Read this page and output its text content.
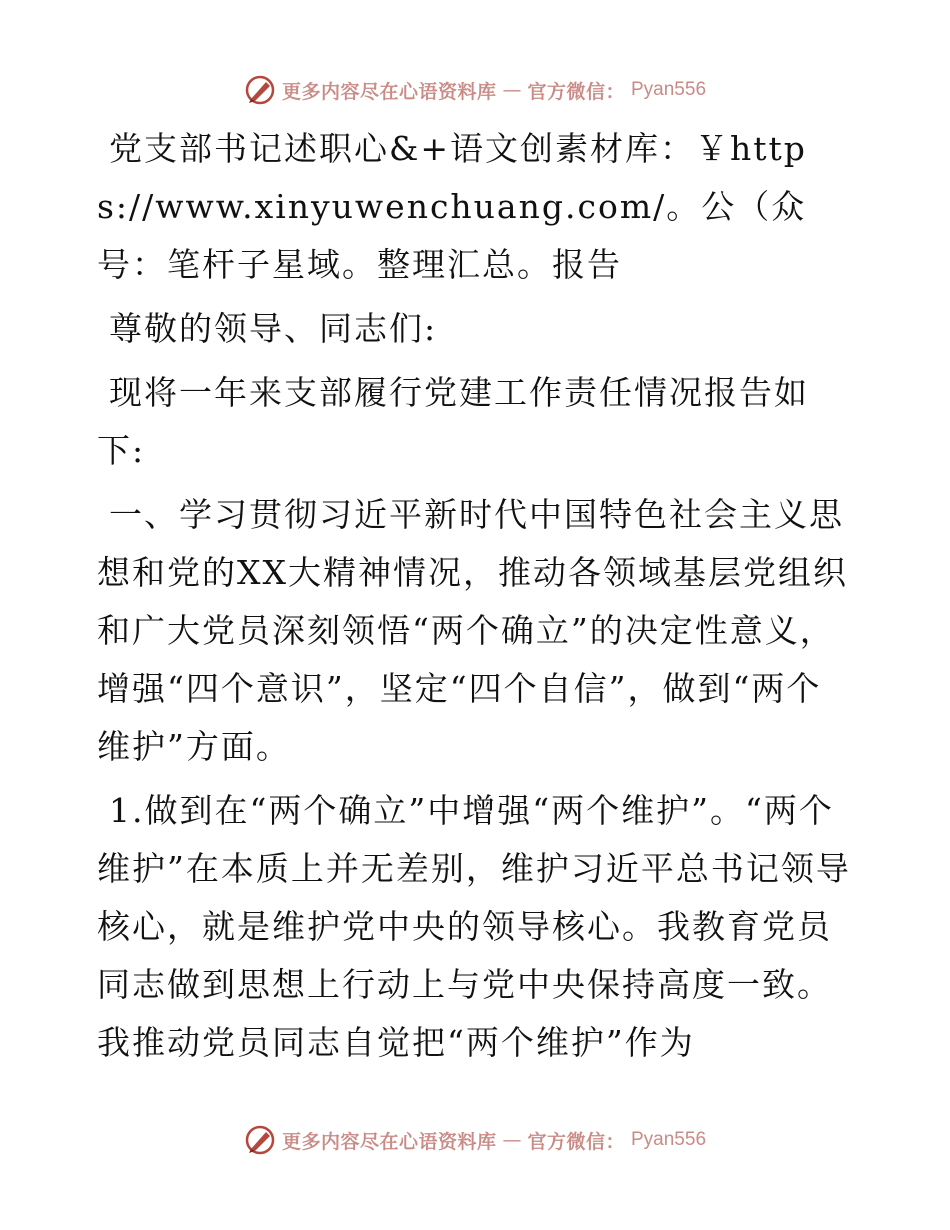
更多内容尽在心语资料库 — 官方微信： Pyan556

党支部书记述职心&+语文创素材库：￥https://www.xinyuwenchuang.com/。公（众号：笔杆子星域。整理汇总。报告

尊敬的领导、同志们:

现将一年来支部履行党建工作责任情况报告如下:

一、学习贯彻习近平新时代中国特色社会主义思想和党的XX大精神情况，推动各领域基层党组织和广大党员深刻领悟“两个确立”的决定性意义，增强“四个意识”，坚定“四个自信”，做到“两个维护”方面。

1.做到在“两个确立”中增强“两个维护”。“两个维护”在本质上并无差别，维护习近平总书记领导核心，就是维护党中央的领导核心。我教育党员同志做到思想上行动上与党中央保持高度一致。我推动党员同志自觉把“两个维护”作为

更多内容尽在心语资料库 — 官方微信： Pyan556
